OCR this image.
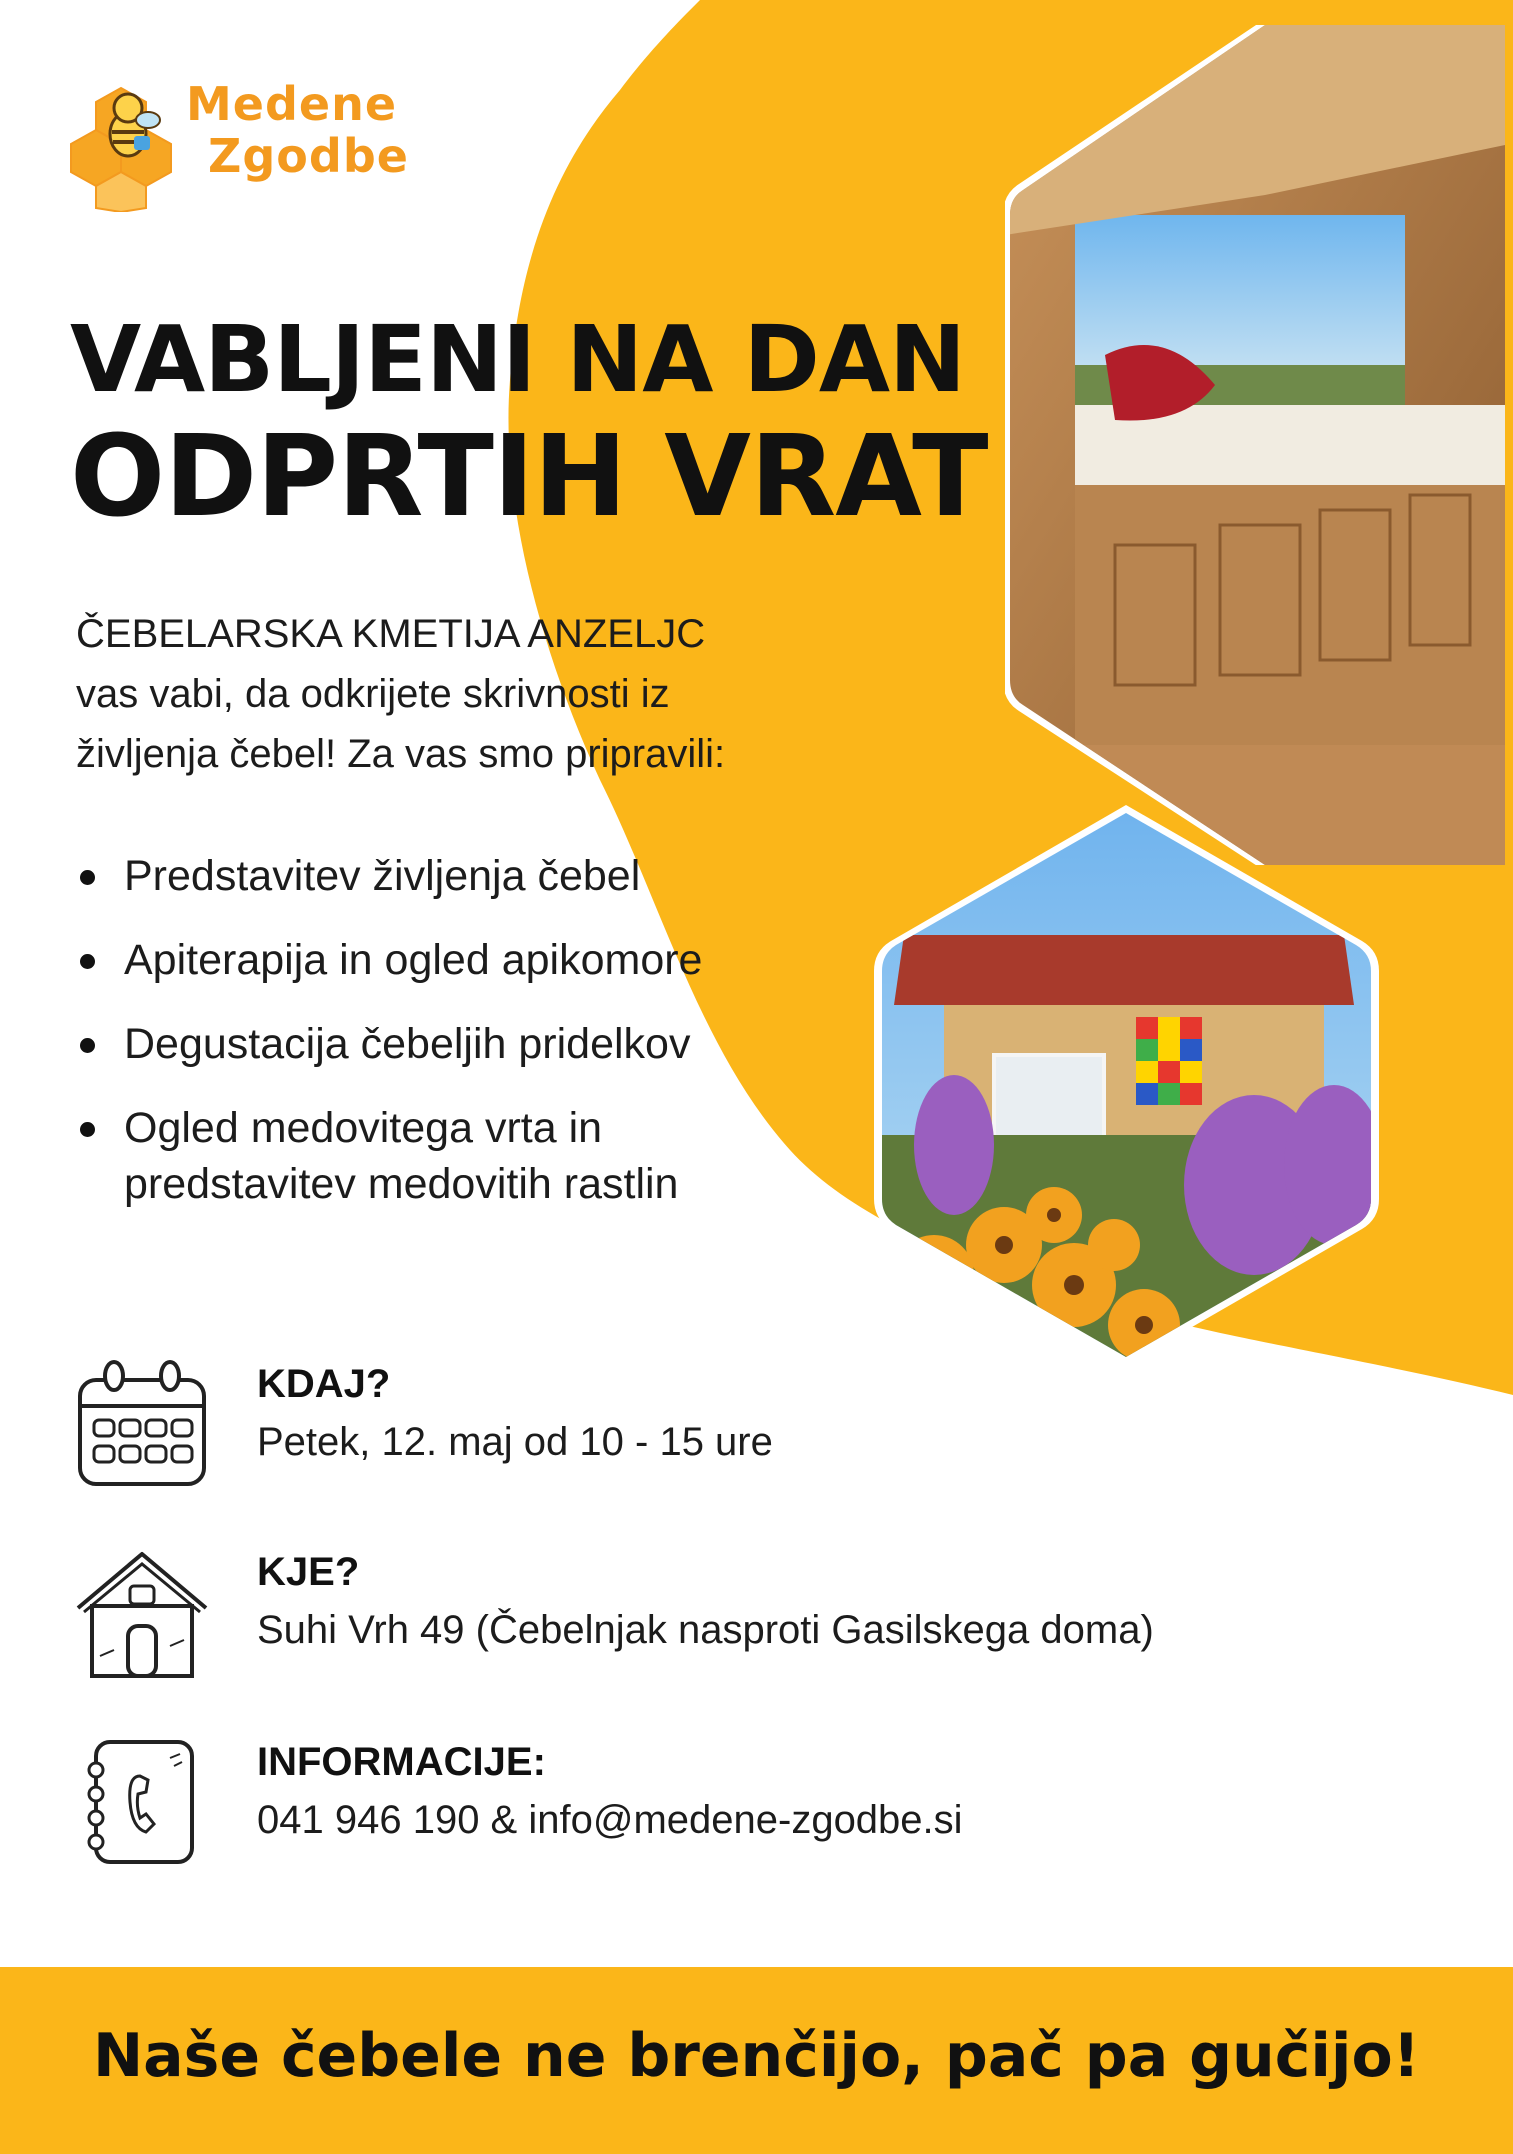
Medene
Zgodbe
VABLJENI NA DAN
ODPRTIH VRAT
ČEBELARSKA KMETIJA ANZELJC
vas vabi, da odkrijete skrivnosti iz
življenja čebel! Za vas smo pripravili:
Predstavitev življenja čebel
Apiterapija in ogled apikomore
Degustacija čebeljih pridelkov
Ogled medovitega vrta in
predstavitev medovitih rastlin
KDAJ?
Petek, 12. maj od 10 - 15 ure
KJE?
Suhi Vrh 49 (Čebelnjak nasproti Gasilskega doma)
INFORMACIJE:
041 946 190 & info@medene-zgodbe.si
Naše čebele ne brenčijo, pač pa gučijo!
